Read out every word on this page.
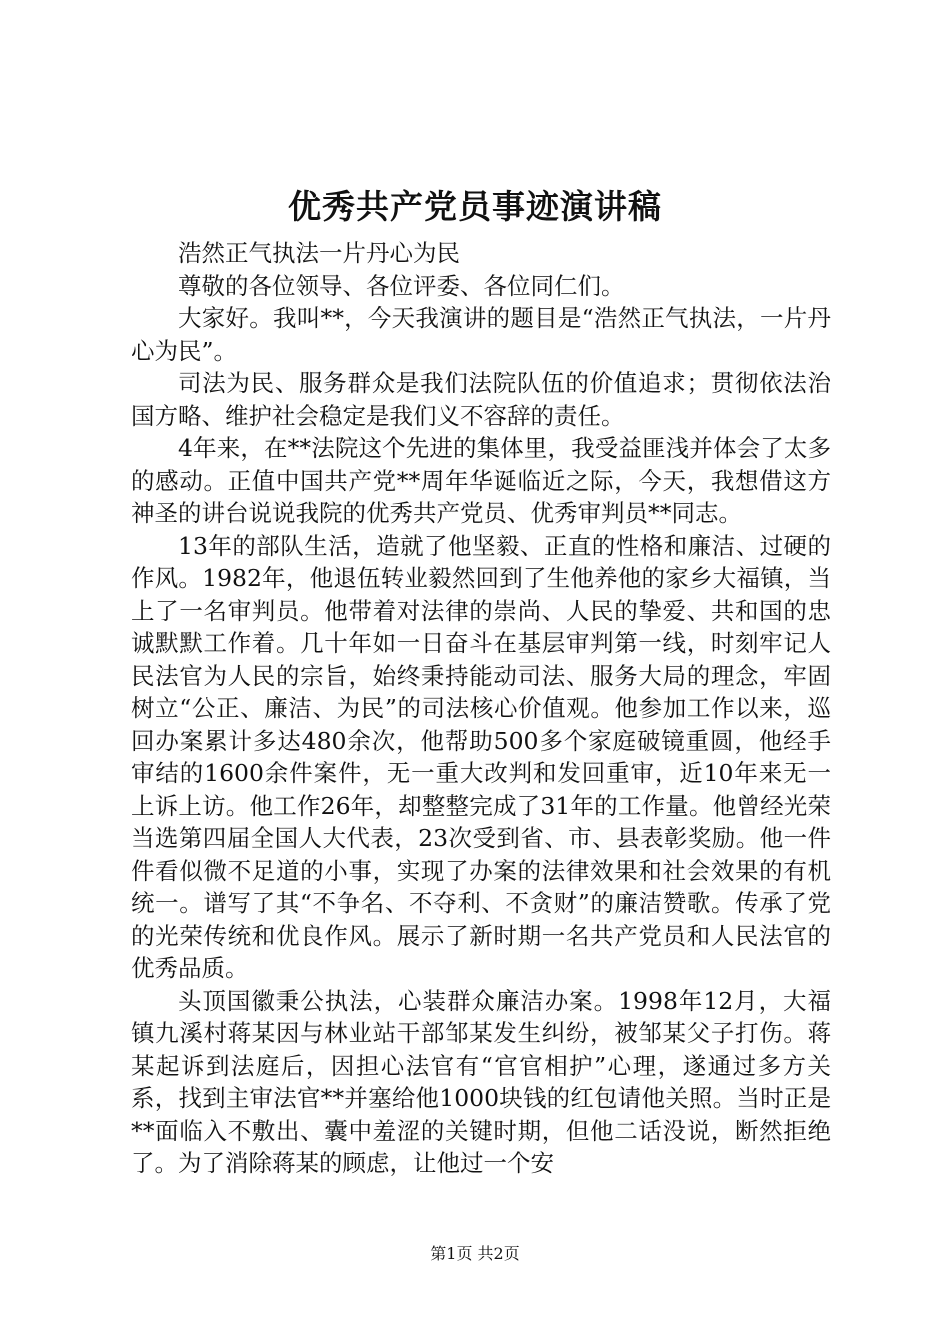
优秀共产党员事迹演讲稿

浩然正气执法一片丹心为民

尊敬的各位领导、各位评委、各位同仁们。

大家好。我叫**，今天我演讲的题目是“浩然正气执法，一片丹心为民”。

司法为民、服务群众是我们法院队伍的价值追求；贯彻依法治国方略、维护社会稳定是我们义不容辞的责任。

4年来，在**法院这个先进的集体里，我受益匪浅并体会了太多的感动。正值中国共产党**周年华诞临近之际，今天，我想借这方神圣的讲台说说我院的优秀共产党员、优秀审判员**同志。

13年的部队生活，造就了他坚毅、正直的性格和廉洁、过硬的作风。1982年，他退伍转业毅然回到了生他养他的家乡大福镇，当上了一名审判员。他带着对法律的崇尚、人民的挚爱、共和国的忠诚默默工作着。几十年如一日奋斗在基层审判第一线，时刻牢记人民法官为人民的宗旨，始终秉持能动司法、服务大局的理念，牢固树立“公正、廉洁、为民”的司法核心价值观。他参加工作以来，巡回办案累计多达480余次，他帮助500多个家庭破镜重圆，他经手审结的1600余件案件，无一重大改判和发回重审，近10年来无一上诉上访。他工作26年，却整整完成了31年的工作量。他曾经光荣当选第四届全国人大代表，23次受到省、市、县表彰奖励。他一件件看似微不足道的小事，实现了办案的法律效果和社会效果的有机统一。谱写了其“不争名、不夺利、不贪财”的廉洁赞歌。传承了党的光荣传统和优良作风。展示了新时期一名共产党员和人民法官的优秀品质。

头顶国徽秉公执法，心装群众廉洁办案。1998年12月，大福镇九溪村蒋某因与林业站干部邹某发生纠纷，被邹某父子打伤。蒋某起诉到法庭后，因担心法官有“官官相护”心理，遂通过多方关系，找到主审法官**并塞给他1000块钱的红包请他关照。当时正是**面临入不敷出、囊中羞涩的关键时期，但他二话没说，断然拒绝了。为了消除蒋某的顾虑，让他过一个安

第1页 共2页
